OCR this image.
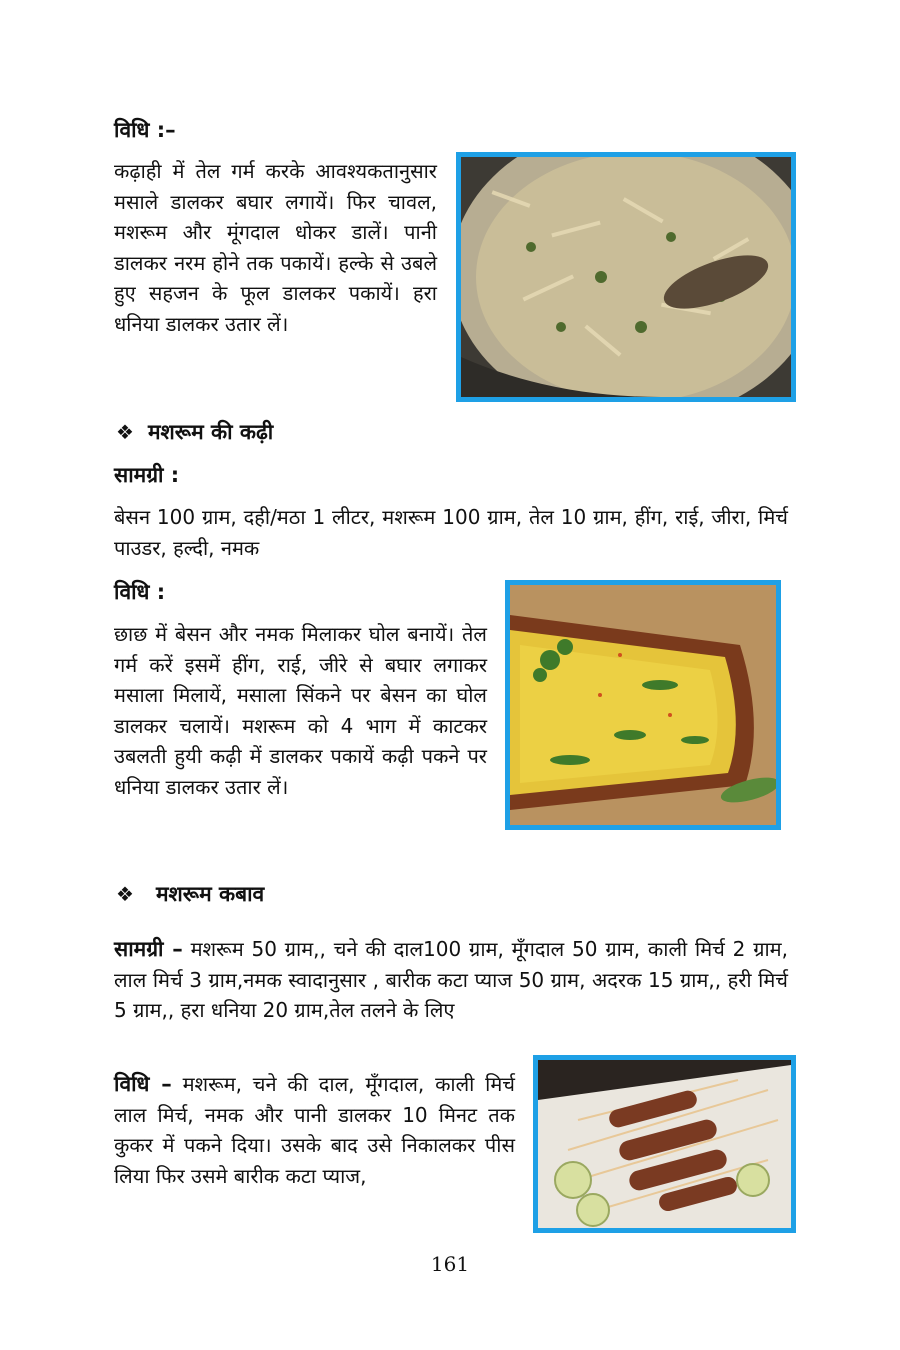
विधि :–
कढ़ाही में तेल गर्म करके आवश्यकतानुसार मसाले डालकर बघार लगायें। फिर चावल, मशरूम और मूंगदाल धोकर डालें। पानी डालकर नरम होने तक पकायें। हल्के से उबले हुए सहजन के फूल डालकर पकायें। हरा धनिया डालकर उतार लें।
❖ मशरूम की कढ़ी
सामग्री :
बेसन 100 ग्राम, दही/मठा 1 लीटर, मशरूम 100 ग्राम, तेल 10 ग्राम, हींग, राई, जीरा, मिर्च पाउडर, हल्दी, नमक
विधि :
छाछ में बेसन और नमक मिलाकर घोल बनायें। तेल गर्म करें इसमें हींग, राई, जीरे से बघार लगाकर मसाला मिलायें, मसाला सिंकने पर बेसन का घोल डालकर चलायें। मशरूम को 4 भाग में काटकर उबलती हुयी कढ़ी में डालकर पकायें कढ़ी पकने पर धनिया डालकर उतार लें।
❖ मशरूम कबाव
सामग्री – मशरूम 50 ग्राम,, चने की दाल100 ग्राम, मूँगदाल 50 ग्राम, काली मिर्च 2 ग्राम, लाल मिर्च 3 ग्राम,नमक स्वादानुसार , बारीक कटा प्याज 50 ग्राम, अदरक 15 ग्राम,, हरी मिर्च 5 ग्राम,, हरा धनिया 20 ग्राम,तेल तलने के लिए
विधि – मशरूम, चने की दाल, मूँगदाल, काली मिर्च लाल मिर्च, नमक और पानी डालकर 10 मिनट तक कुकर में पकने दिया। उसके बाद उसे निकालकर पीस लिया फिर उसमे बारीक कटा प्याज,
161
